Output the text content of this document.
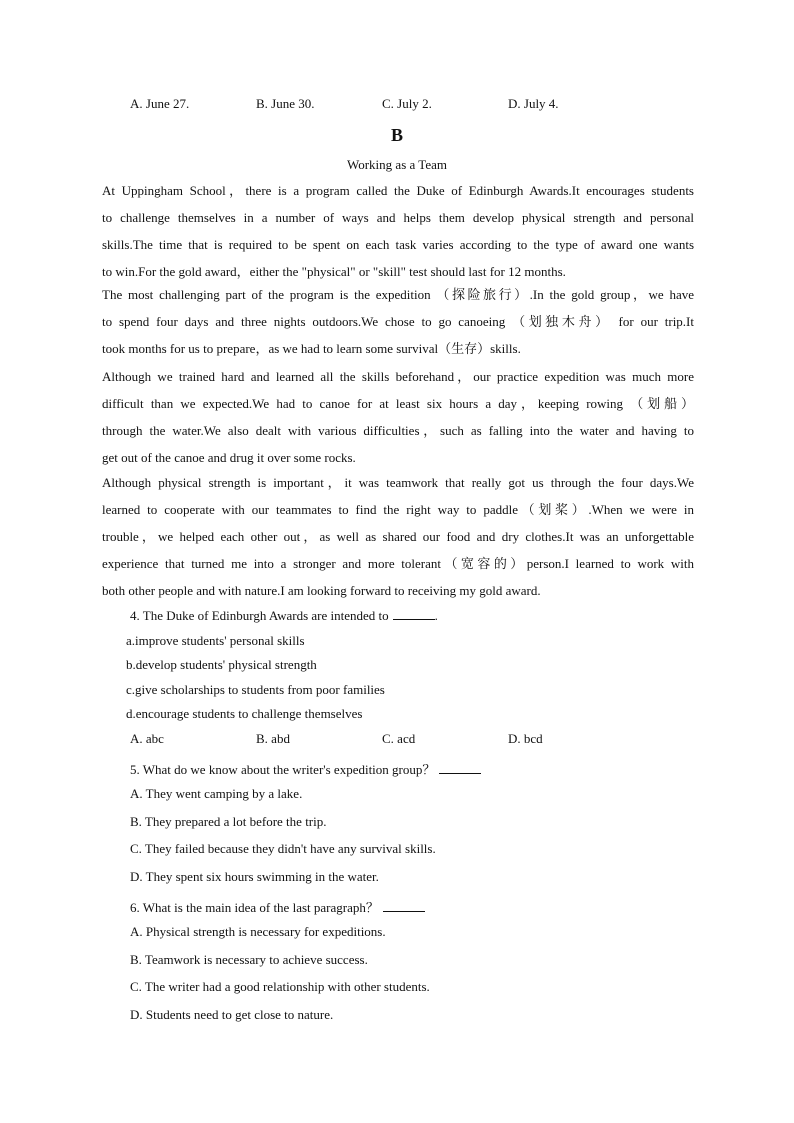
A. June 27.	B. June 30.	C. July 2.	D. July 4.
B
Working as a Team
At Uppingham School，there is a program called the Duke of Edinburgh Awards.It encourages students
to challenge themselves in a number of ways and helps them develop physical strength and personal
skills.The time that is required to be spent on each task varies according to the type of award one wants
to win.For the gold award，either the "physical" or "skill" test should last for 12 months.
The most challenging part of the program is the expedition （探险旅行）.In the gold group，we have
to spend four days and three nights outdoors.We chose to go canoeing （划独木舟） for our trip.It
took months for us to prepare，as we had to learn some survival（生存）skills.
Although we trained hard and learned all the skills beforehand，our practice expedition was much more
difficult than we expected.We had to canoe for at least six hours a day，keeping rowing （划船）
through the water.We also dealt with various difficulties，such as falling into the water and having to
get out of the canoe and drug it over some rocks.
Although physical strength is important，it was teamwork that really got us through the four days.We
learned to cooperate with our teammates to find the right way to paddle（划桨）.When we were in
trouble，we helped each other out，as well as shared our food and dry clothes.It was an unforgettable
experience that turned me into a stronger and more tolerant（宽容的）person.I learned to work with
both other people and with nature.I am looking forward to receiving my gold award.
4. The Duke of Edinburgh Awards are intended to	.
a.improve students' personal skills
b.develop students' physical strength
c.give scholarships to students from poor families
d.encourage students to challenge themselves
A. abc	B. abd	C. acd	D. bcd
5. What do we know about the writer's expedition group？
A. They went camping by a lake.
B. They prepared a lot before the trip.
C. They failed because they didn't have any survival skills.
D. They spent six hours swimming in the water.
6. What is the main idea of the last paragraph？
A. Physical strength is necessary for expeditions.
B. Teamwork is necessary to achieve success.
C. The writer had a good relationship with other students.
D. Students need to get close to nature.
